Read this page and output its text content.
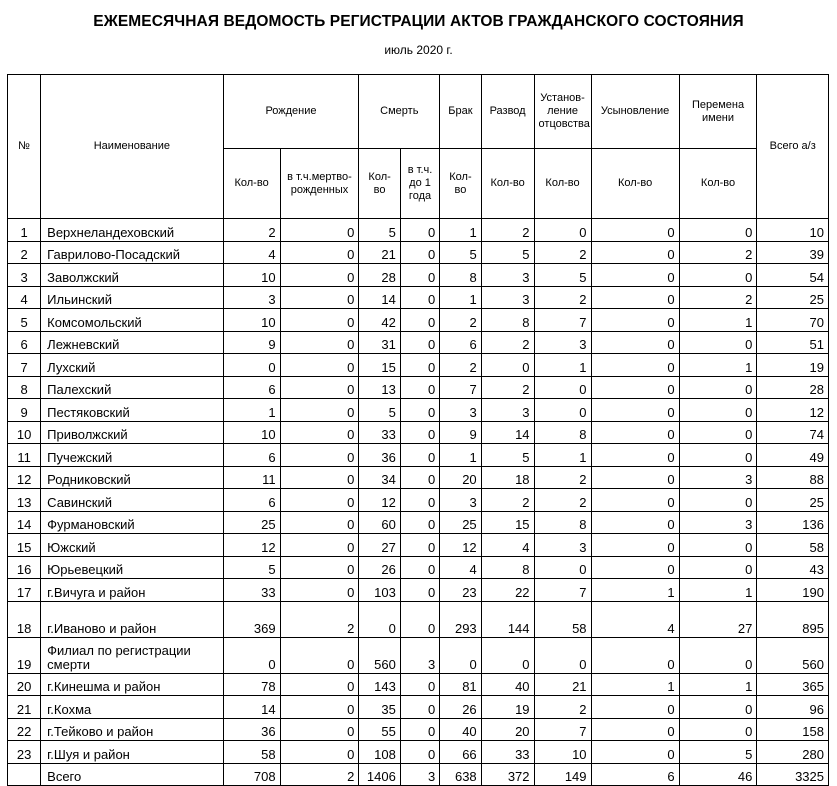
ЕЖЕМЕСЯЧНАЯ ВЕДОМОСТЬ РЕГИСТРАЦИИ АКТОВ ГРАЖДАНСКОГО СОСТОЯНИЯ
июль 2020 г.
№	Наименование	Рождение		Смерть		Брак	Развод	Установ-ление отцовства	Усыновление	Перемена имени	Всего а/з
		Кол-во	в т.ч.мертво-рожденных	Кол-во	в т.ч. до 1 года	Кол-во	Кол-во	Кол-во	Кол-во	Кол-во	
1	Верхнеландеховский	2	0	5	0	1	2	0	0	0	10
2	Гаврилово-Посадский	4	0	21	0	5	5	2	0	2	39
3	Заволжский	10	0	28	0	8	3	5	0	0	54
4	Ильинский	3	0	14	0	1	3	2	0	2	25
5	Комсомольский	10	0	42	0	2	8	7	0	1	70
6	Лежневский	9	0	31	0	6	2	3	0	0	51
7	Лухский	0	0	15	0	2	0	1	0	1	19
8	Палехский	6	0	13	0	7	2	0	0	0	28
9	Пестяковский	1	0	5	0	3	3	0	0	0	12
10	Приволжский	10	0	33	0	9	14	8	0	0	74
11	Пучежский	6	0	36	0	1	5	1	0	0	49
12	Родниковский	11	0	34	0	20	18	2	0	3	88
13	Савинский	6	0	12	0	3	2	2	0	0	25
14	Фурмановский	25	0	60	0	25	15	8	0	3	136
15	Южский	12	0	27	0	12	4	3	0	0	58
16	Юрьевецкий	5	0	26	0	4	8	0	0	0	43
17	г.Вичуга и район	33	0	103	0	23	22	7	1	1	190
18	г.Иваново и район	369	2	0	0	293	144	58	4	27	895
19	Филиал по регистрации смерти	0	0	560	3	0	0	0	0	0	560
20	г.Кинешма и район	78	0	143	0	81	40	21	1	1	365
21	г.Кохма	14	0	35	0	26	19	2	0	0	96
22	г.Тейково и район	36	0	55	0	40	20	7	0	0	158
23	г.Шуя и район	58	0	108	0	66	33	10	0	5	280
	Всего	708	2	1406	3	638	372	149	6	46	3325
